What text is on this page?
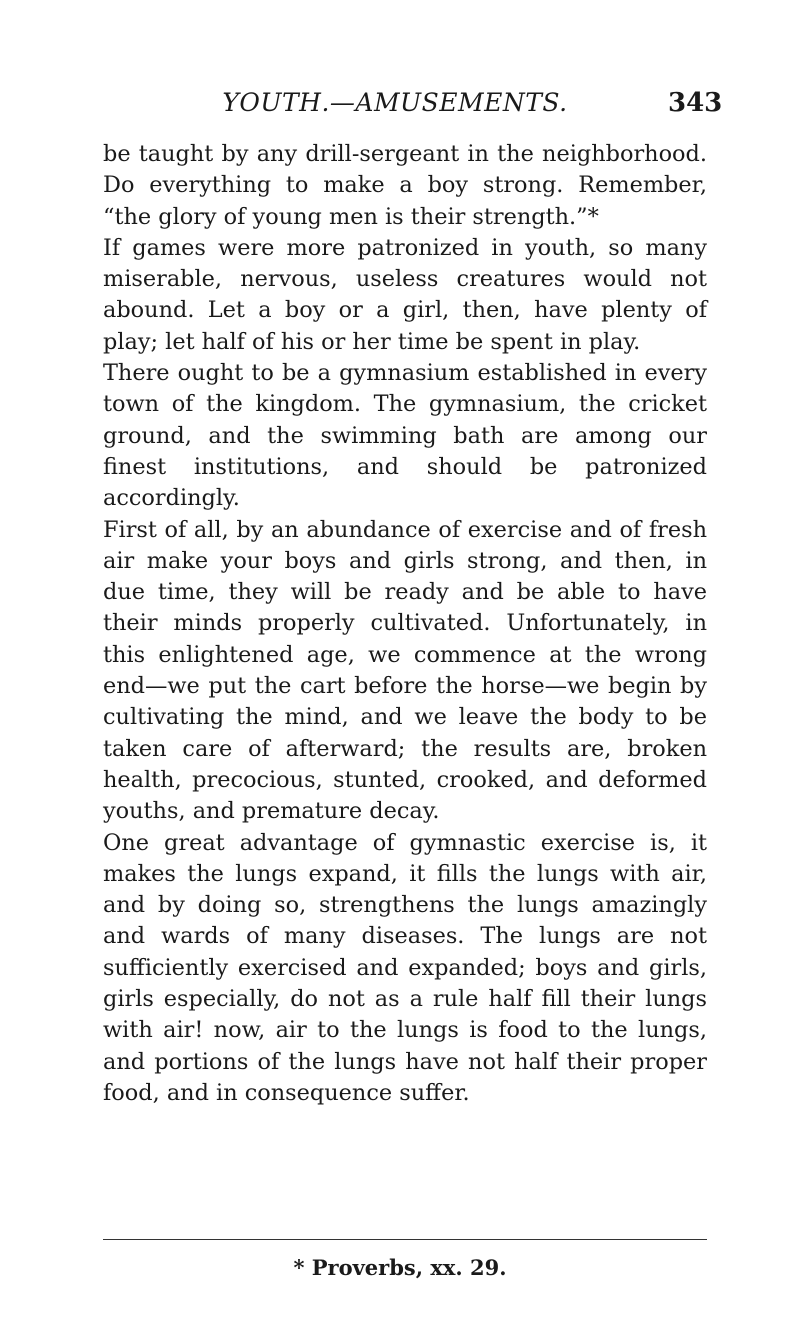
YOUTH.—AMUSEMENTS.	343

be taught by any drill-sergeant in the neighborhood. Do everything to make a boy strong. Remember, “the glory of young men is their strength.”*

If games were more patronized in youth, so many miserable, nervous, useless creatures would not abound. Let a boy or a girl, then, have plenty of play; let half of his or her time be spent in play.

There ought to be a gymnasium established in every town of the kingdom. The gymnasium, the cricket ground, and the swimming bath are among our finest institutions, and should be patronized accordingly.

First of all, by an abundance of exercise and of fresh air make your boys and girls strong, and then, in due time, they will be ready and be able to have their minds properly cultivated. Unfortunately, in this enlightened age, we commence at the wrong end—we put the cart before the horse—we begin by cultivating the mind, and we leave the body to be taken care of afterward; the results are, broken health, precocious, stunted, crooked, and deformed youths, and premature decay.

One great advantage of gymnastic exercise is, it makes the lungs expand, it fills the lungs with air, and by doing so, strengthens the lungs amazingly and wards of many diseases. The lungs are not sufficiently exercised and expanded; boys and girls, girls especially, do not as a rule half fill their lungs with air! now, air to the lungs is food to the lungs, and portions of the lungs have not half their proper food, and in consequence suffer.

* Proverbs, xx. 29.
